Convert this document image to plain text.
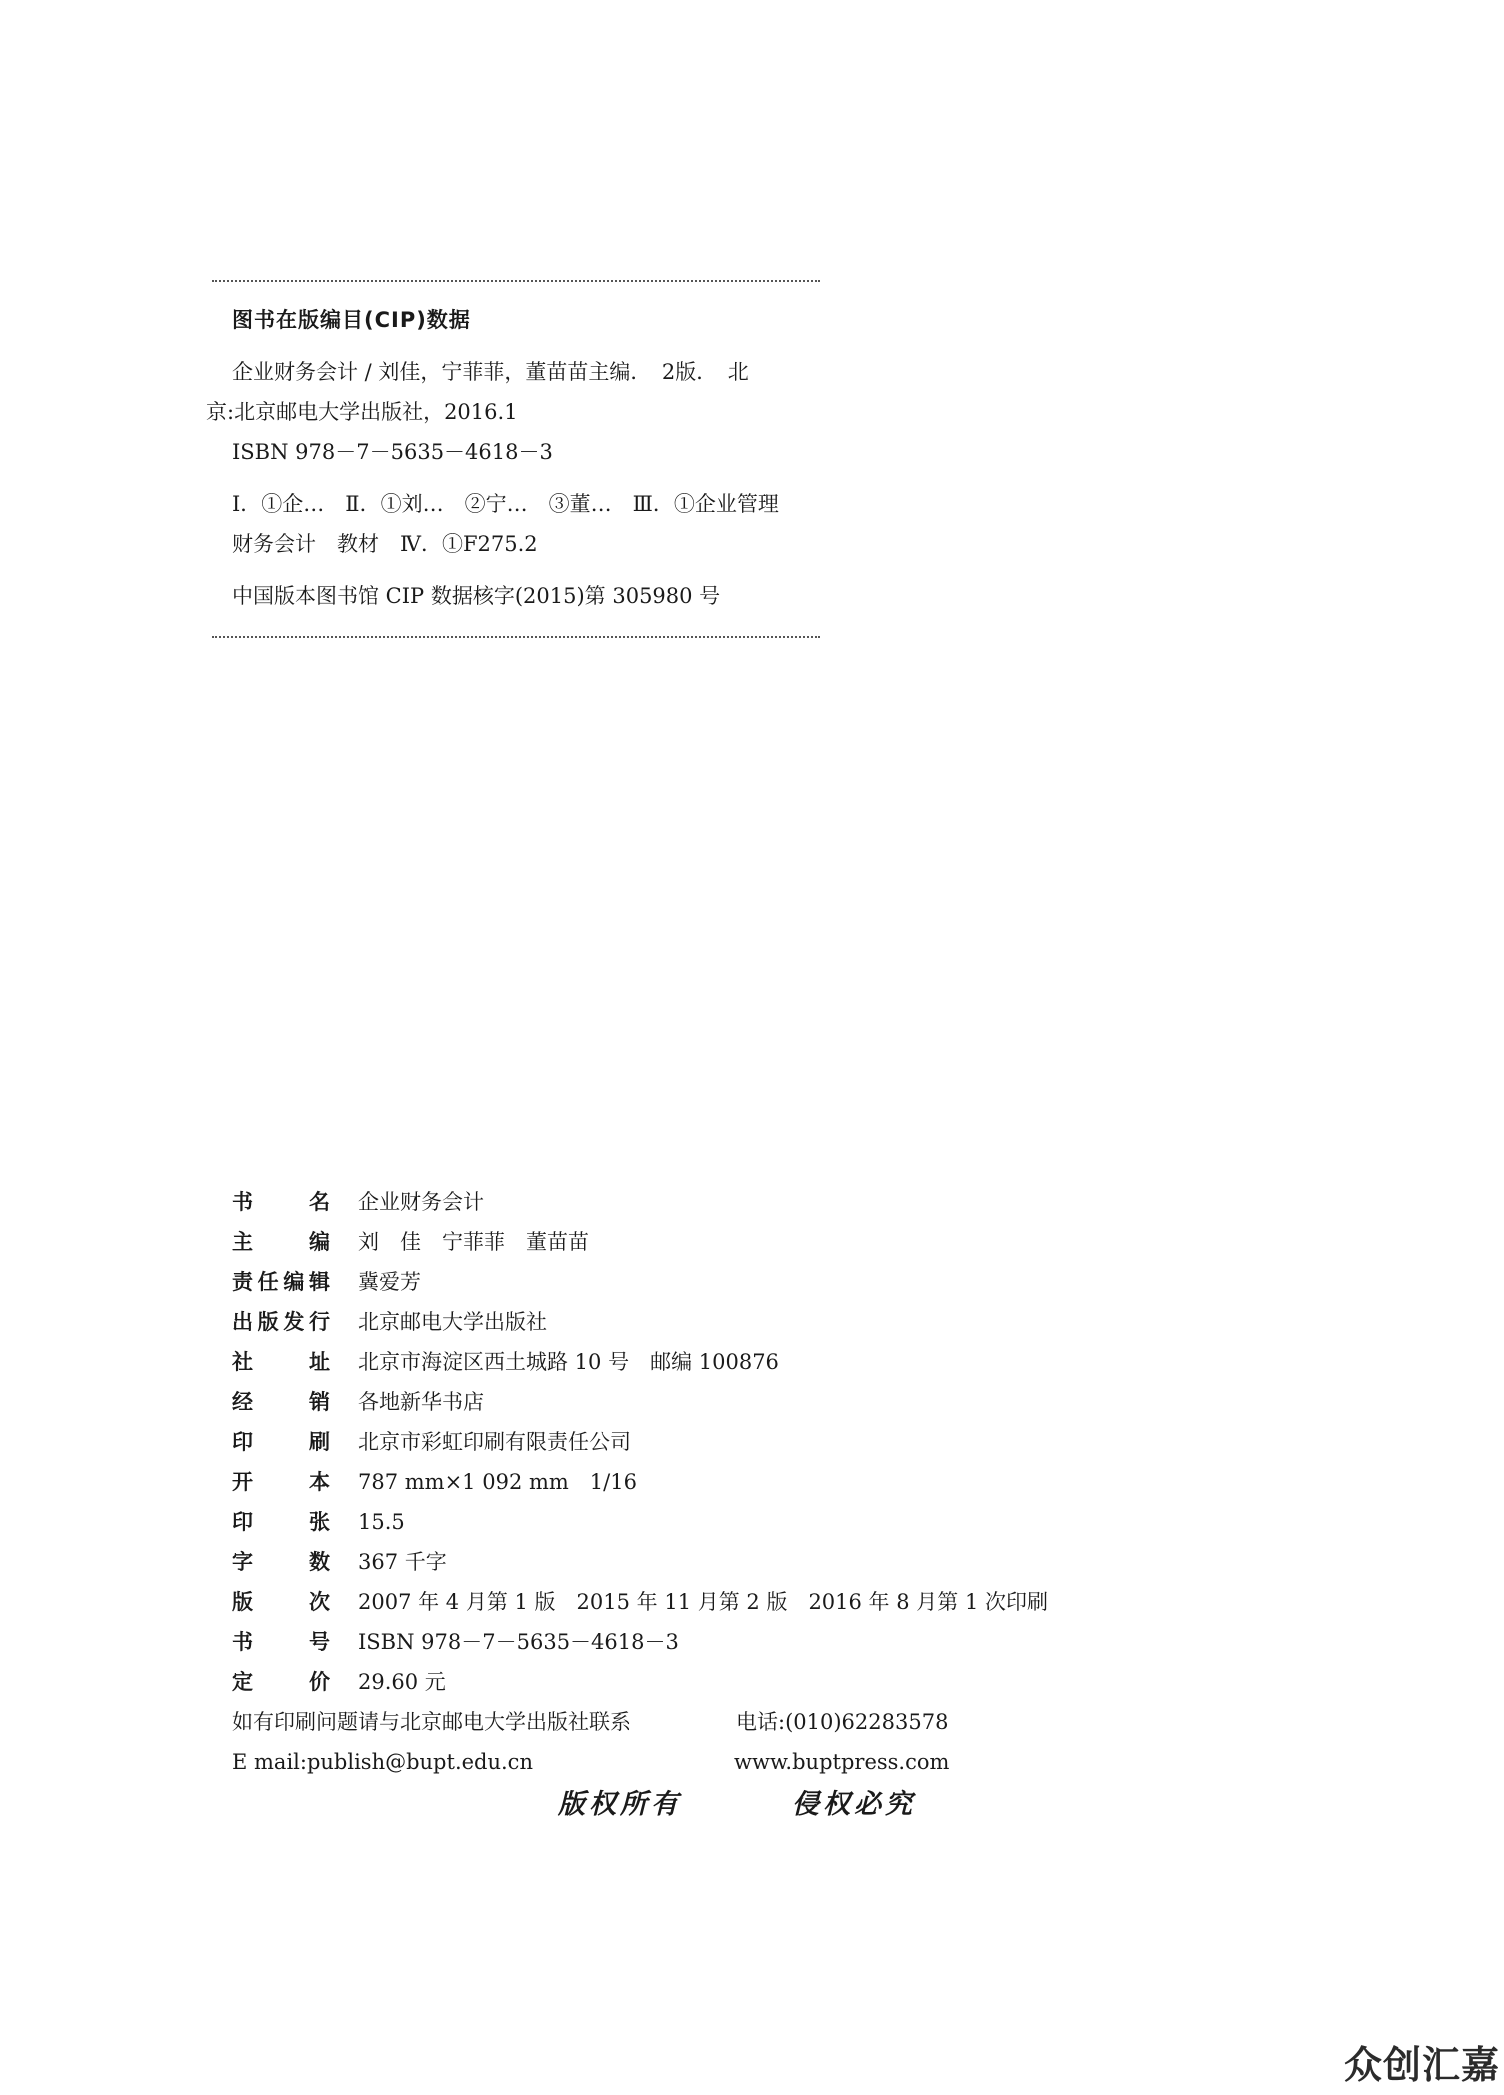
图书在版编目(CIP)数据
企业财务会计 / 刘佳，宁菲菲，董苗苗主编．　2版．　北
京:北京邮电大学出版社，2016.1
ISBN 978－7－5635－4618－3
Ⅰ．①企…　Ⅱ．①刘…　②宁…　③董…　Ⅲ．①企业管理
财务会计　教材　Ⅳ．①F275.2
中国版本图书馆 CIP 数据核字(2015)第 305980 号
书名 企业财务会计
主编 刘　佳　宁菲菲　董苗苗
责任编辑 冀爱芳
出版发行 北京邮电大学出版社
社址 北京市海淀区西土城路 10 号　邮编 100876
经销 各地新华书店
印刷 北京市彩虹印刷有限责任公司
开本 787 mm×1 092 mm　1/16
印张 15.5
字数 367 千字
版次 2007 年 4 月第 1 版　2015 年 11 月第 2 版　2016 年 8 月第 1 次印刷
书号 ISBN 978－7－5635－4618－3
定价 29.60 元
如有印刷问题请与北京邮电大学出版社联系	电话:(010)62283578
E mail:publish@bupt.edu.cn	www.buptpress.com
版权所有	侵权必究
众创汇嘉
